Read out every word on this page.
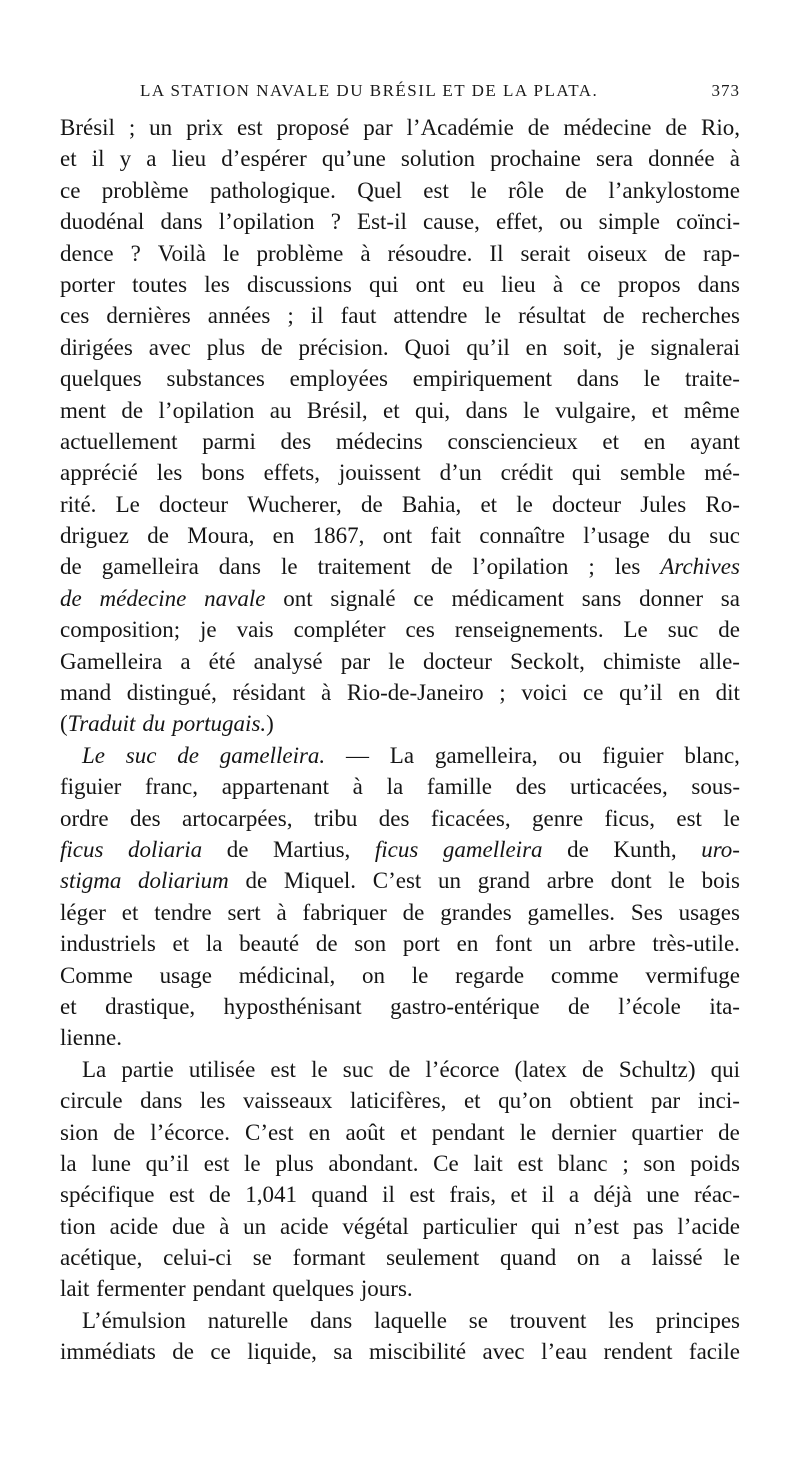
LA STATION NAVALE DU BRÉSIL ET DE LA PLATA.	373
Brésil ; un prix est proposé par l’Académie de médecine de Rio,
et il y a lieu d’espérer qu’une solution prochaine sera donnée à
ce problème pathologique. Quel est le rôle de l’ankylostome
duodénal dans l’opilation ? Est-il cause, effet, ou simple coïnci-
dence ? Voilà le problème à résoudre. Il serait oiseux de rap-
porter toutes les discussions qui ont eu lieu à ce propos dans
ces dernières années ; il faut attendre le résultat de recherches
dirigées avec plus de précision. Quoi qu’il en soit, je signalerai
quelques substances employées empiriquement dans le traite-
ment de l’opilation au Brésil, et qui, dans le vulgaire, et même
actuellement parmi des médecins consciencieux et en ayant
apprécié les bons effets, jouissent d’un crédit qui semble mé-
rité. Le docteur Wucherer, de Bahia, et le docteur Jules Ro-
driguez de Moura, en 1867, ont fait connaître l’usage du suc
de gamelleira dans le traitement de l’opilation ; les Archives
de médecine navale ont signalé ce médicament sans donner sa
composition; je vais compléter ces renseignements. Le suc de
Gamelleira a été analysé par le docteur Seckolt, chimiste alle-
mand distingué, résidant à Rio-de-Janeiro ; voici ce qu’il en dit
(Traduit du portugais.)
Le suc de gamelleira. — La gamelleira, ou figuier blanc,
figuier franc, appartenant à la famille des urticacées, sous-
ordre des artocarpées, tribu des ficacées, genre ficus, est le
ficus doliaria de Martius, ficus gamelleira de Kunth, uro-
stigma doliarium de Miquel. C’est un grand arbre dont le bois
léger et tendre sert à fabriquer de grandes gamelles. Ses usages
industriels et la beauté de son port en font un arbre très-utile.
Comme usage médicinal, on le regarde comme vermifuge
et drastique, hyposthénisant gastro-entérique de l’école ita-
lienne.
La partie utilisée est le suc de l’écorce (latex de Schultz) qui
circule dans les vaisseaux laticifères, et qu’on obtient par inci-
sion de l’écorce. C’est en août et pendant le dernier quartier de
la lune qu’il est le plus abondant. Ce lait est blanc ; son poids
spécifique est de 1,041 quand il est frais, et il a déjà une réac-
tion acide due à un acide végétal particulier qui n’est pas l’acide
acétique, celui-ci se formant seulement quand on a laissé le
lait fermenter pendant quelques jours.
L’émulsion naturelle dans laquelle se trouvent les principes
immédiats de ce liquide, sa miscibilité avec l’eau rendent facile
